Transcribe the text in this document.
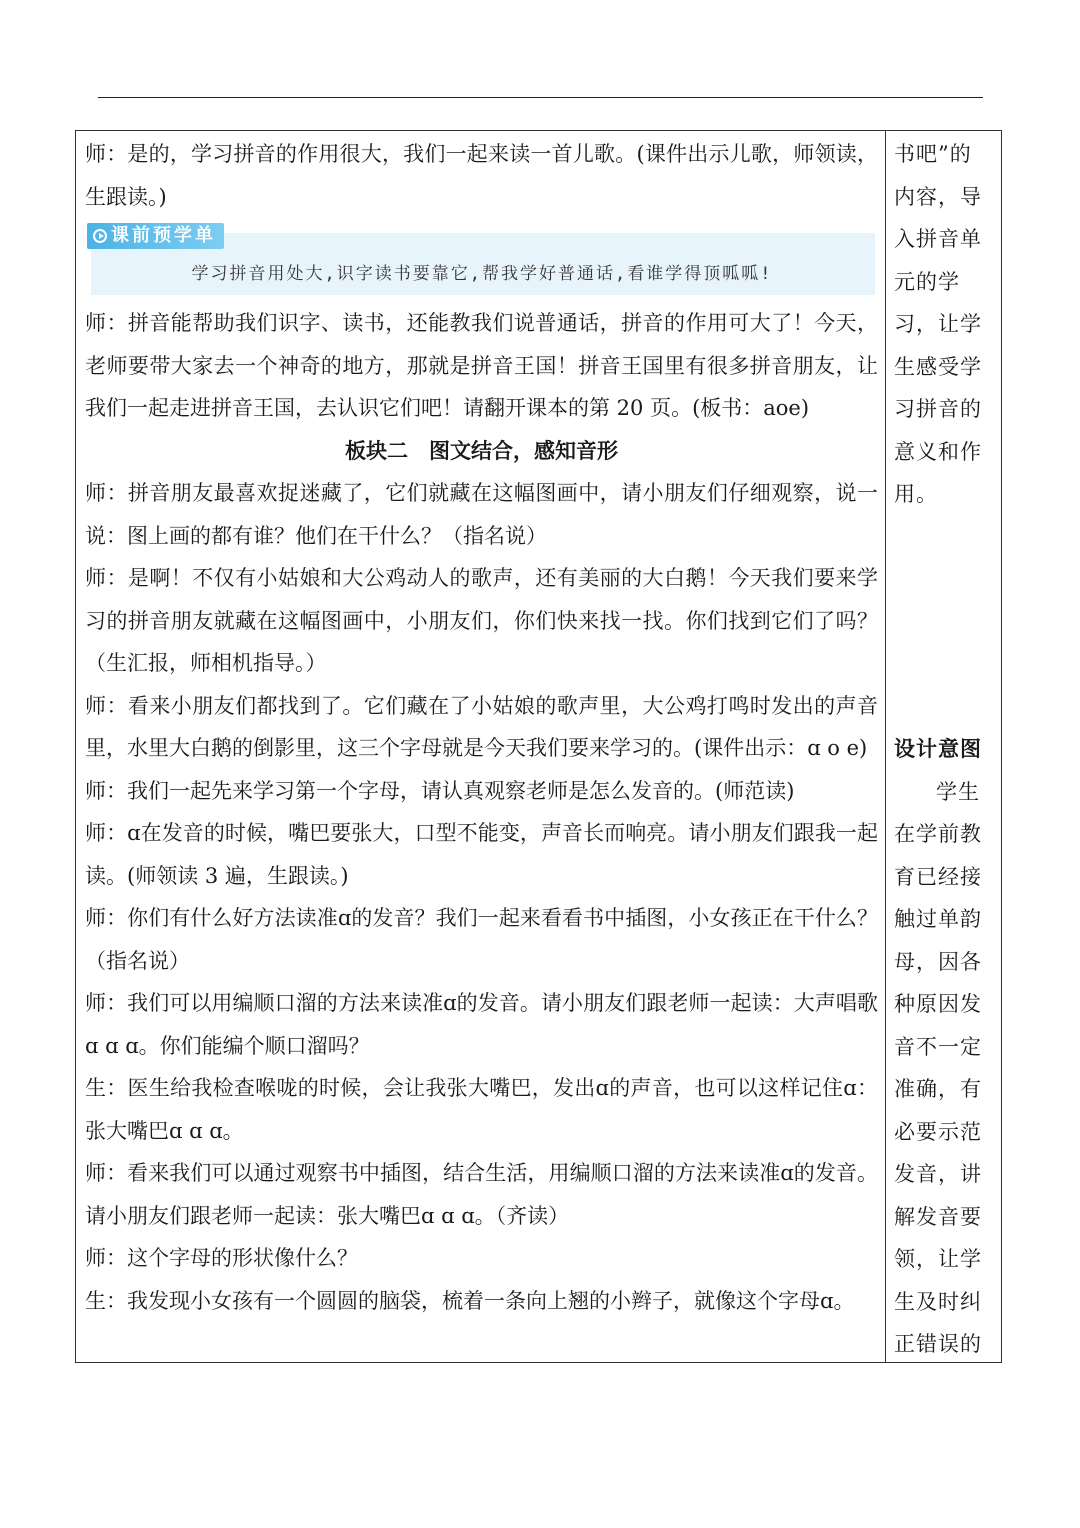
师：是的，学习拼音的作用很大，我们一起来读一首儿歌。(课件出示儿歌，师领读，生跟读。)

课前预学单
学习拼音用处大,识字读书要靠它,帮我学好普通话,看谁学得顶呱呱!

师：拼音能帮助我们识字、读书，还能教我们说普通话，拼音的作用可大了！今天，老师要带大家去一个神奇的地方，那就是拼音王国！拼音王国里有很多拼音朋友，让我们一起走进拼音王国，去认识它们吧！请翻开课本的第 20 页。(板书：aoe)

板块二　图文结合，感知音形

师：拼音朋友最喜欢捉迷藏了，它们就藏在这幅图画中，请小朋友们仔细观察，说一说：图上画的都有谁？他们在干什么？（指名说）

师：是啊！不仅有小姑娘和大公鸡动人的歌声，还有美丽的大白鹅！今天我们要来学习的拼音朋友就藏在这幅图画中，小朋友们，你们快来找一找。你们找到它们了吗？（生汇报，师相机指导。）

师：看来小朋友们都找到了。它们藏在了小姑娘的歌声里，大公鸡打鸣时发出的声音里，水里大白鹅的倒影里，这三个字母就是今天我们要来学习的。(课件出示：ɑ o e)

师：我们一起先来学习第一个字母，请认真观察老师是怎么发音的。(师范读)

师：ɑ在发音的时候，嘴巴要张大，口型不能变，声音长而响亮。请小朋友们跟我一起读。(师领读 3 遍，生跟读。)

师：你们有什么好方法读准ɑ的发音？我们一起来看看书中插图，小女孩正在干什么？（指名说）

师：我们可以用编顺口溜的方法来读准ɑ的发音。请小朋友们跟老师一起读：大声唱歌ɑ ɑ ɑ。你们能编个顺口溜吗？

生：医生给我检查喉咙的时候，会让我张大嘴巴，发出ɑ的声音，也可以这样记住ɑ：张大嘴巴ɑ ɑ ɑ。

师：看来我们可以通过观察书中插图，结合生活，用编顺口溜的方法来读准ɑ的发音。请小朋友们跟老师一起读：张大嘴巴ɑ ɑ ɑ。（齐读）

师：这个字母的形状像什么？

生：我发现小女孩有一个圆圆的脑袋，梳着一条向上翘的小辫子，就像这个字母ɑ。

书吧”的
内容，导
入拼音单
元的学
习，让学
生感受学
习拼音的
意义和作
用。
设计意图
学生
在学前教
育已经接
触过单韵
母，因各
种原因发
音不一定
准确，有
必要示范
发音，讲
解发音要
领，让学
生及时纠
正错误的
